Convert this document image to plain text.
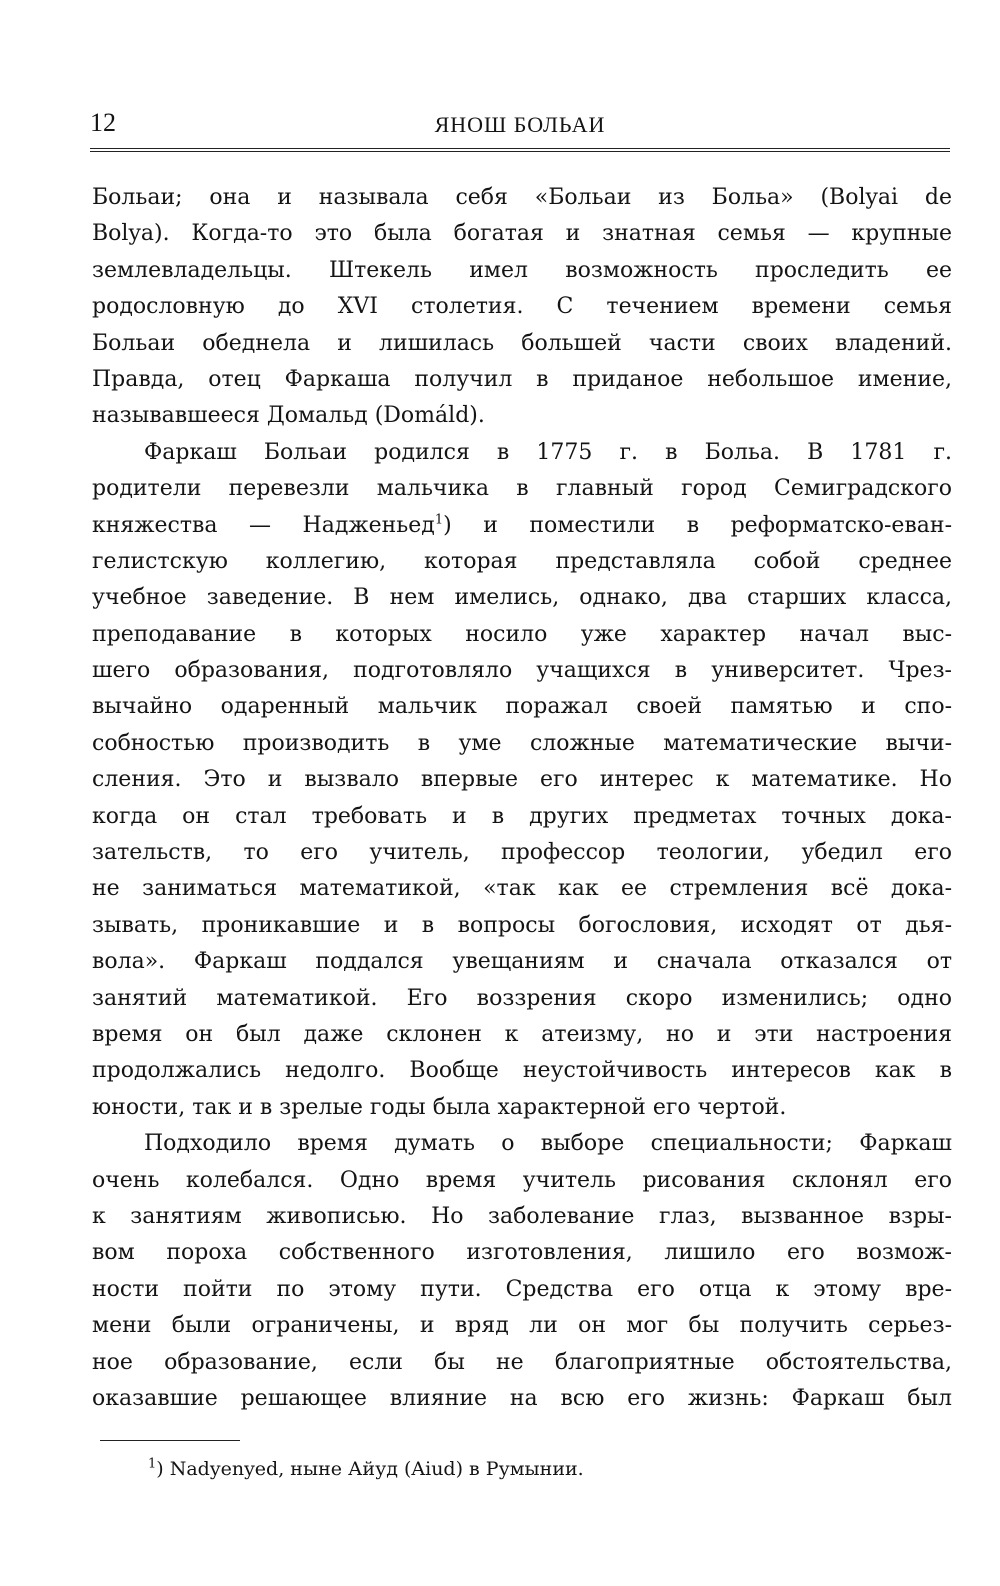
12	ЯНОШ БОЛЬАИ
Больаи; она и называла себя «Больаи из Больа» (Bolyai de
Bolya). Когда-то это была богатая и знатная семья — крупные
землевладельцы. Штекель имел возможность проследить ее
родословную до XVI столетия. С течением времени семья
Больаи обеднела и лишилась большей части своих владений.
Правда, отец Фаркаша получил в приданое небольшое имение,
называвшееся Домальд (Domáld).
Фаркаш Больаи родился в 1775 г. в Больа. В 1781 г.
родители перевезли мальчика в главный город Семиградского
княжества — Надженьед$^1$) и поместили в реформатско-еван-
гелистскую коллегию, которая представляла собой среднее
учебное заведение. В нем имелись, однако, два старших класса,
преподавание в которых носило уже характер начал выс-
шего образования, подготовляло учащихся в университет. Чрез-
вычайно одаренный мальчик поражал своей памятью и спо-
собностью производить в уме сложные математические вычи-
сления. Это и вызвало впервые его интерес к математике. Но
когда он стал требовать и в других предметах точных дока-
зательств, то его учитель, профессор теологии, убедил его
не заниматься математикой, «так как ее стремления всё дока-
зывать, проникавшие и в вопросы богословия, исходят от дья-
вола». Фаркаш поддался увещаниям и сначала отказался от
занятий математикой. Его воззрения скоро изменились; одно
время он был даже склонен к атеизму, но и эти настроения
продолжались недолго. Вообще неустойчивость интересов как в
юности, так и в зрелые годы была характерной его чертой.
Подходило время думать о выборе специальности; Фаркаш
очень колебался. Одно время учитель рисования склонял его
к занятиям живописью. Но заболевание глаз, вызванное взры-
вом пороха собственного изготовления, лишило его возмож-
ности пойти по этому пути. Средства его отца к этому вре-
мени были ограничены, и вряд ли он мог бы получить серьез-
ное образование, если бы не благоприятные обстоятельства,
оказавшие решающее влияние на всю его жизнь: Фаркаш был
$^1$) Nadyenyed, ныне Айуд (Aiud) в Румынии.
